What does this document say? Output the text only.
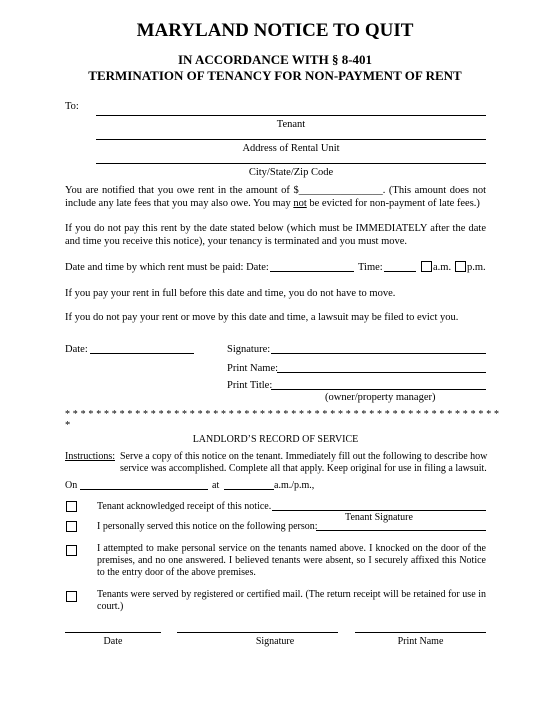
MARYLAND NOTICE TO QUIT
IN ACCORDANCE WITH § 8-401
TERMINATION OF TENANCY FOR NON-PAYMENT OF RENT
To:
Tenant
Address of Rental Unit
City/State/Zip Code
You are notified that you owe rent in the amount of $________________. (This amount does not include any late fees that you may also owe. You may not be evicted for non-payment of late fees.)
If you do not pay this rent by the date stated below (which must be IMMEDIATELY after the date and time you receive this notice), your tenancy is terminated and you must move.
Date and time by which rent must be paid: Date:	Time:	a.m. p.m.
If you pay your rent in full before this date and time, you do not have to move.
If you do not pay your rent or move by this date and time, a lawsuit may be filed to evict you.
Date:	Signature:
Print Name:
Print Title:
(owner/property manager)
* * * * * * * * * * * * * * * * * * * * * * * * * * * * * * * * * * * * * * * * * * * * * * * * * * * * * * * *
*
LANDLORD’S RECORD OF SERVICE
Instructions: Serve a copy of this notice on the tenant. Immediately fill out the following to describe how
service was accomplished. Complete all that apply. Keep original for use in filing a lawsuit.
On	at	a.m./p.m.,
Tenant acknowledged receipt of this notice.
Tenant Signature
I personally served this notice on the following person:
I attempted to make personal service on the tenants named above. I knocked on the door of the premises, and no one answered. I believed tenants were absent, so I securely affixed this Notice to the entry door of the above premises.
Tenants were served by registered or certified mail. (The return receipt will be retained for use in court.)
Date	Signature	Print Name
